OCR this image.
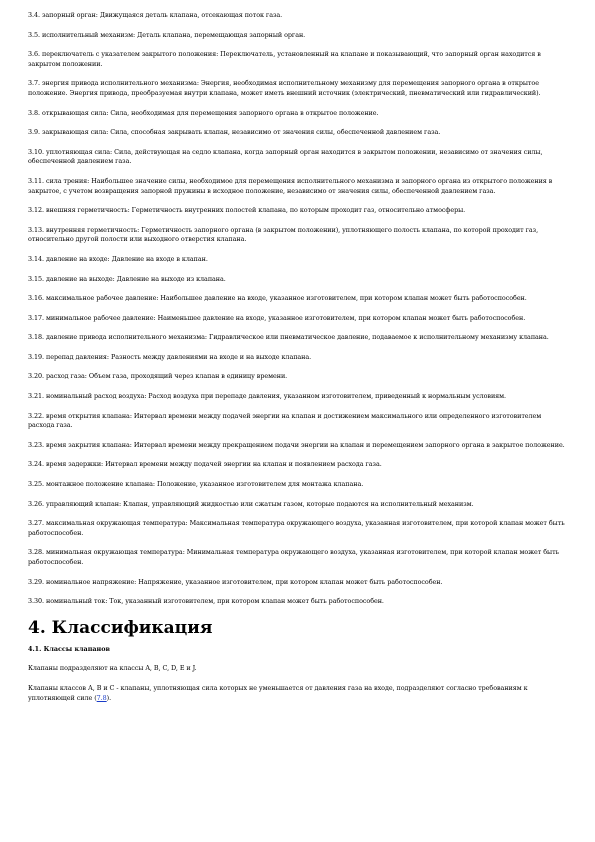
3.4. запорный орган: Движущаяся деталь клапана, отсекающая поток газа.

3.5. исполнительный механизм: Деталь клапана, перемещающая запорный орган.

3.6. переключатель с указателем закрытого положения: Переключатель, установленный на клапане и показывающий, что запорный орган находится в закрытом положении.

3.7. энергия привода исполнительного механизма: Энергия, необходимая исполнительному механизму для перемещения запорного органа в открытое положение. Энергия привода, преобразуемая внутри клапана, может иметь внешний источник (электрический, пневматический или гидравлический).

3.8. открывающая сила: Сила, необходимая для перемещения запорного органа в открытое положение.

3.9. закрывающая сила: Сила, способная закрывать клапан, независимо от значения силы, обеспеченной давлением газа.

3.10. уплотняющая сила: Сила, действующая на седло клапана, когда запорный орган находится в закрытом положении, независимо от значения силы, обеспеченной давлением газа.

3.11. сила трения: Наибольшее значение силы, необходимое для перемещения исполнительного механизма и запорного органа из открытого положения в закрытое, с учетом возвращения запорной пружины в исходное положение, независимо от значения силы, обеспеченной давлением газа.

3.12. внешняя герметичность: Герметичность внутренних полостей клапана, по которым проходит газ, относительно атмосферы.

3.13. внутренняя герметичность: Герметичность запорного органа (в закрытом положении), уплотняющего полость клапана, по которой проходит газ, относительно другой полости или выходного отверстия клапана.

3.14. давление на входе: Давление на входе в клапан.

3.15. давление на выходе: Давление на выходе из клапана.

3.16. максимальное рабочее давление: Наибольшее давление на входе, указанное изготовителем, при котором клапан может быть работоспособен.

3.17. минимальное рабочее давление: Наименьшее давление на входе, указанное изготовителем, при котором клапан может быть работоспособен.

3.18. давление привода исполнительного механизма: Гидравлическое или пневматическое давление, подаваемое к исполнительному механизму клапана.

3.19. перепад давления: Разность между давлениями на входе и на выходе клапана.

3.20. расход газа: Объем газа, проходящий через клапан в единицу времени.

3.21. номинальный расход воздуха: Расход воздуха при перепаде давления, указанном изготовителем, приведенный к нормальным условиям.

3.22. время открытия клапана: Интервал времени между подачей энергии на клапан и достижением максимального или определенного изготовителем расхода газа.

3.23. время закрытия клапана: Интервал времени между прекращением подачи энергии на клапан и перемещением запорного органа в закрытое положение.

3.24. время задержки: Интервал времени между подачей энергии на клапан и появлением расхода газа.

3.25. монтажное положение клапана: Положение, указанное изготовителем для монтажа клапана.

3.26. управляющий клапан: Клапан, управляющий жидкостью или сжатым газом, которые подаются на исполнительный механизм.

3.27. максимальная окружающая температура: Максимальная температура окружающего воздуха, указанная изготовителем, при которой клапан может быть работоспособен.

3.28. минимальная окружающая температура: Минимальная температура окружающего воздуха, указанная изготовителем, при которой клапан может быть работоспособен.

3.29. номинальное напряжение: Напряжение, указанное изготовителем, при котором клапан может быть работоспособен.

3.30. номинальный ток: Ток, указанный изготовителем, при котором клапан может быть работоспособен.

4. Классификация

4.1. Классы клапанов

Клапаны подразделяют на классы A, B, C, D, E и J.

Клапаны классов А, В и С - клапаны, уплотняющая сила которых не уменьшается от давления газа на входе, подразделяют согласно требованиям к уплотняющей силе (7.8).
